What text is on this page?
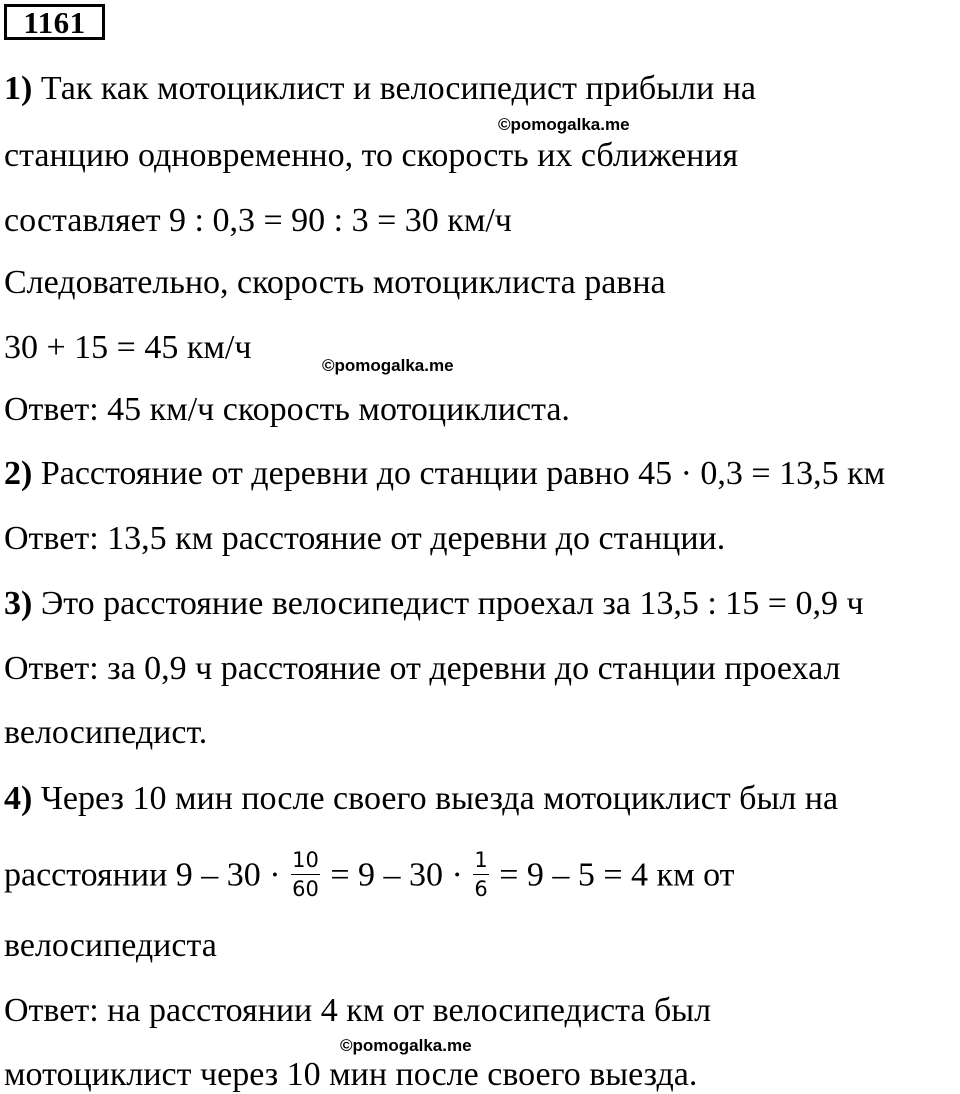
1161
1) Так как мотоциклист и велосипедист прибыли на
©pomogalka.me
станцию одновременно, то скорость их сближения
составляет 9 : 0,3 = 90 : 3 = 30 км/ч
Следовательно, скорость мотоциклиста равна
30 + 15 = 45 км/ч	©pomogalka.me
Ответ: 45 км/ч скорость мотоциклиста.
2) Расстояние от деревни до станции равно 45 · 0,3 = 13,5 км
Ответ: 13,5 км расстояние от деревни до станции.
3) Это расстояние велосипедист проехал за 13,5 : 15 = 0,9 ч
Ответ: за 0,9 ч расстояние от деревни до станции проехал
велосипедист.
4) Через 10 мин после своего выезда мотоциклист был на
расстоянии $9 - 30 \cdot \frac{10}{60} = 9 - 30 \cdot \frac{1}{6} = 9 - 5 = 4$ км от
велосипедиста
Ответ: на расстоянии 4 км от велосипедиста был
©pomogalka.me
мотоциклист через 10 мин после своего выезда.
